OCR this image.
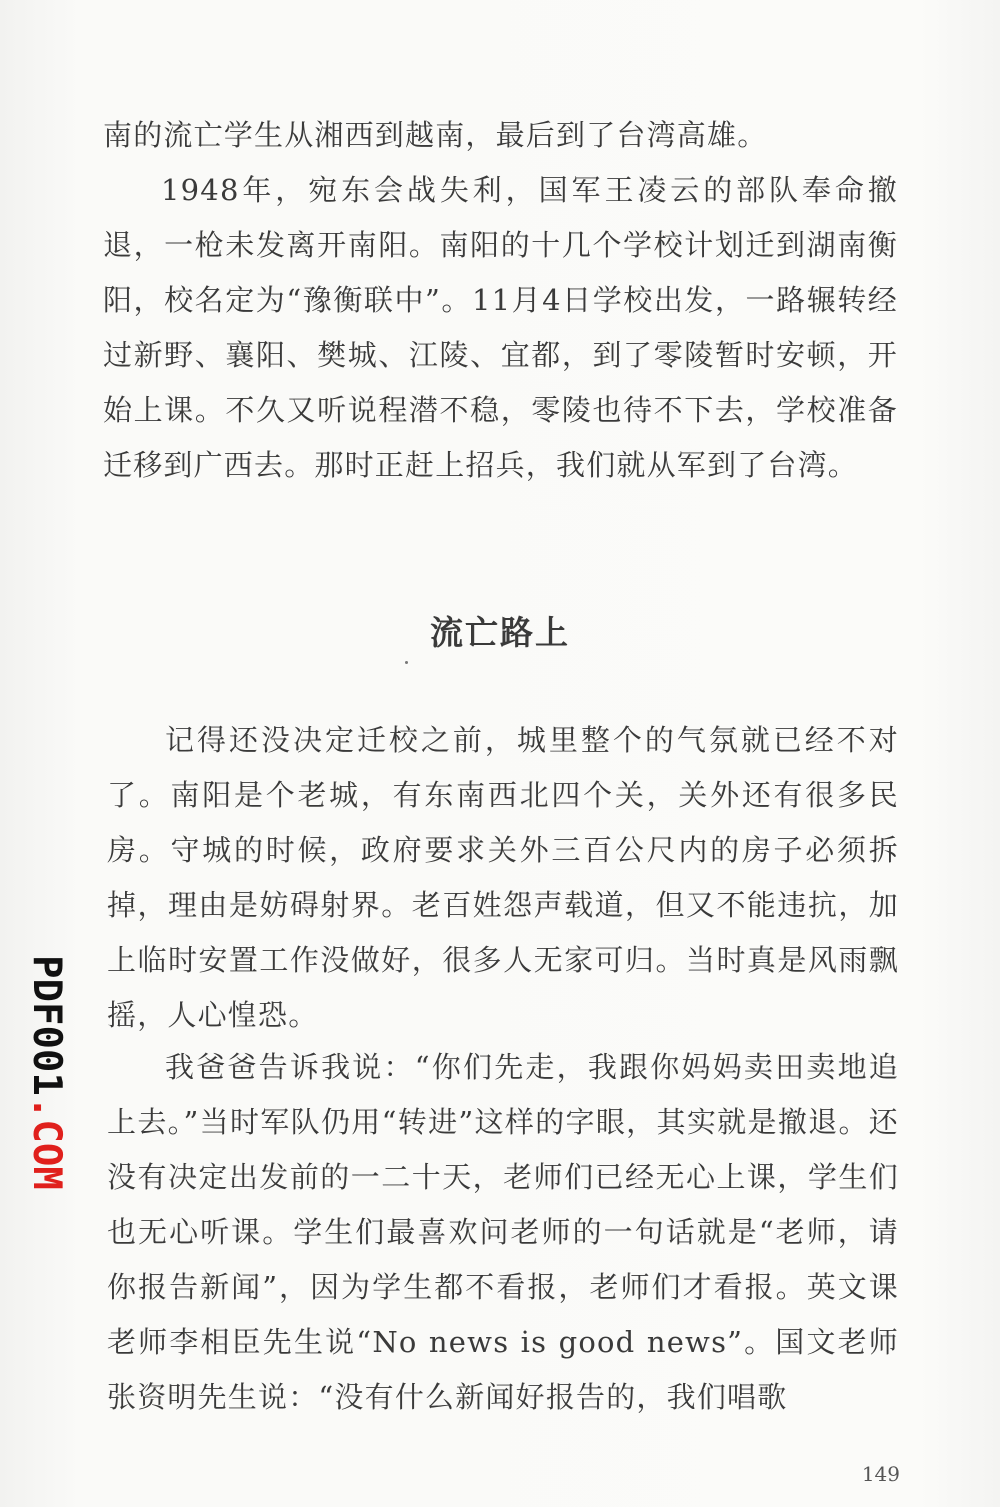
南的流亡学生从湘西到越南，最后到了台湾高雄。

1948年，宛东会战失利，国军王凌云的部队奉命撤退，一枪未发离开南阳。南阳的十几个学校计划迁到湖南衡阳，校名定为“豫衡联中”。11月4日学校出发，一路辗转经过新野、襄阳、樊城、江陵、宜都，到了零陵暂时安顿，开始上课。不久又听说程潜不稳，零陵也待不下去，学校准备迁移到广西去。那时正赶上招兵，我们就从军到了台湾。

流亡路上

记得还没决定迁校之前，城里整个的气氛就已经不对了。南阳是个老城，有东南西北四个关，关外还有很多民房。守城的时候，政府要求关外三百公尺内的房子必须拆掉，理由是妨碍射界。老百姓怨声载道，但又不能违抗，加上临时安置工作没做好，很多人无家可归。当时真是风雨飘摇，人心惶恐。

我爸爸告诉我说：“你们先走，我跟你妈妈卖田卖地追上去。”当时军队仍用“转进”这样的字眼，其实就是撤退。还没有决定出发前的一二十天，老师们已经无心上课，学生们也无心听课。学生们最喜欢问老师的一句话就是“老师，请你报告新闻”，因为学生都不看报，老师们才看报。英文课老师李相臣先生说“No news is good news”。国文老师张资明先生说：“没有什么新闻好报告的，我们唱歌

PDF001.COM

149
